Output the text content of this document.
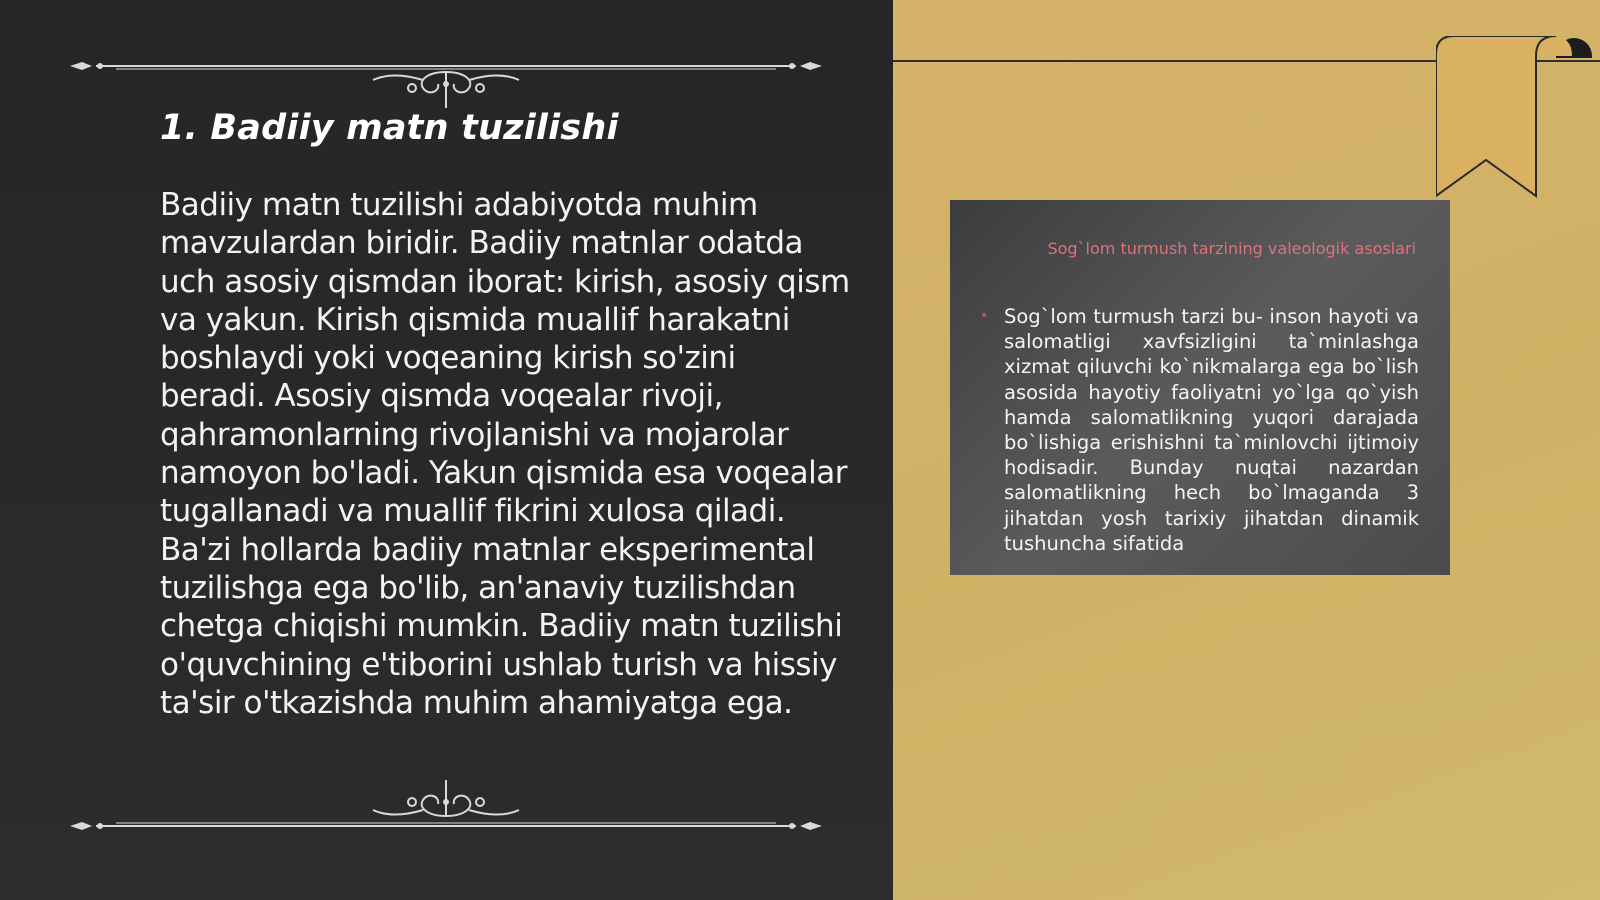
1. Badiiy matn tuzilishi

Badiiy matn tuzilishi adabiyotda muhim mavzulardan biridir. Badiiy matnlar odatda uch asosiy qismdan iborat: kirish, asosiy qism va yakun. Kirish qismida muallif harakatni boshlaydi yoki voqeaning kirish so'zini beradi. Asosiy qismda voqealar rivoji, qahramonlarning rivojlanishi va mojarolar namoyon bo'ladi. Yakun qismida esa voqealar tugallanadi va muallif fikrini xulosa qiladi. Ba'zi hollarda badiiy matnlar eksperimental tuzilishga ega bo'lib, an'anaviy tuzilishdan chetga chiqishi mumkin. Badiiy matn tuzilishi o'quvchining e'tiborini ushlab turish va hissiy ta'sir o'tkazishda muhim ahamiyatga ega.

Sog`lom turmush tarzining valeologik asoslari

• Sog`lom turmush tarzi bu- inson hayoti va salomatligi xavfsizligini ta`minlashga xizmat qiluvchi ko`nikmalarga ega bo`lish asosida hayotiy faoliyatni yo`lga qo`yish hamda salomatlikning yuqori darajada bo`lishiga erishishni ta`minlovchi ijtimoiy hodisadir. Bunday nuqtai nazardan salomatlikning hech bo`lmaganda 3 jihatdan yosh tarixiy jihatdan dinamik tushuncha sifatida
